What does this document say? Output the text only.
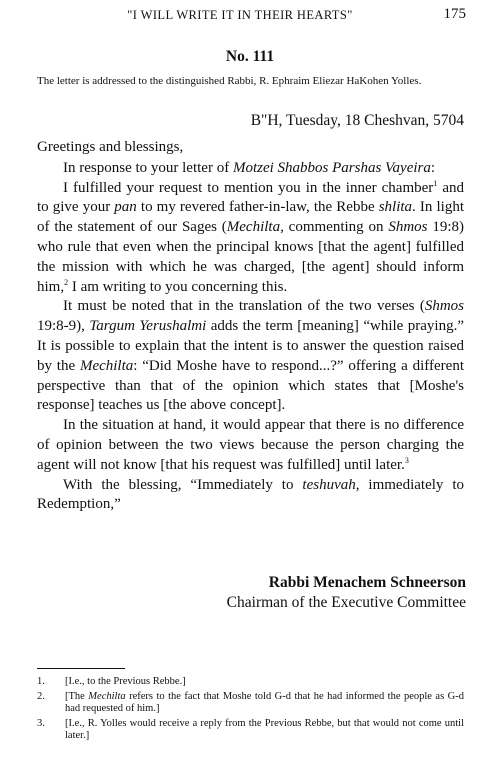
"I WILL WRITE IT IN THEIR HEARTS"	175
No. 111
The letter is addressed to the distinguished Rabbi, R. Ephraim Eliezar HaKohen Yolles.
B"H, Tuesday, 18 Cheshvan, 5704

Greetings and blessings,

In response to your letter of Motzei Shabbos Parshas Vayeira:

I fulfilled your request to mention you in the inner chamber$^1$ and to give your pan to my revered father-in-law, the Rebbe shlita. In light of the statement of our Sages (Mechilta, commenting on Shmos 19:8) who rule that even when the principal knows [that the agent] fulfilled the mission with which he was charged, [the agent] should inform him,$^2$ I am writing to you concerning this.

It must be noted that in the translation of the two verses (Shmos 19:8-9), Targum Yerushalmi adds the term [meaning] “while praying.” It is possible to explain that the intent is to answer the question raised by the Mechilta: “Did Moshe have to respond...?” offering a different perspective than that of the opinion which states that [Moshe's response] teaches us [the above concept].

In the situation at hand, it would appear that there is no difference of opinion between the two views because the person charging the agent will not know [that his request was fulfilled] until later.$^3$

With the blessing, “Immediately to teshuvah, immediately to Redemption,”

Rabbi Menachem Schneerson
Chairman of the Executive Committee
1.	[I.e., to the Previous Rebbe.]
2.	[The Mechilta refers to the fact that Moshe told G-d that he had informed the people as G-d had requested of him.]
3.	[I.e., R. Yolles would receive a reply from the Previous Rebbe, but that would not come until later.]
